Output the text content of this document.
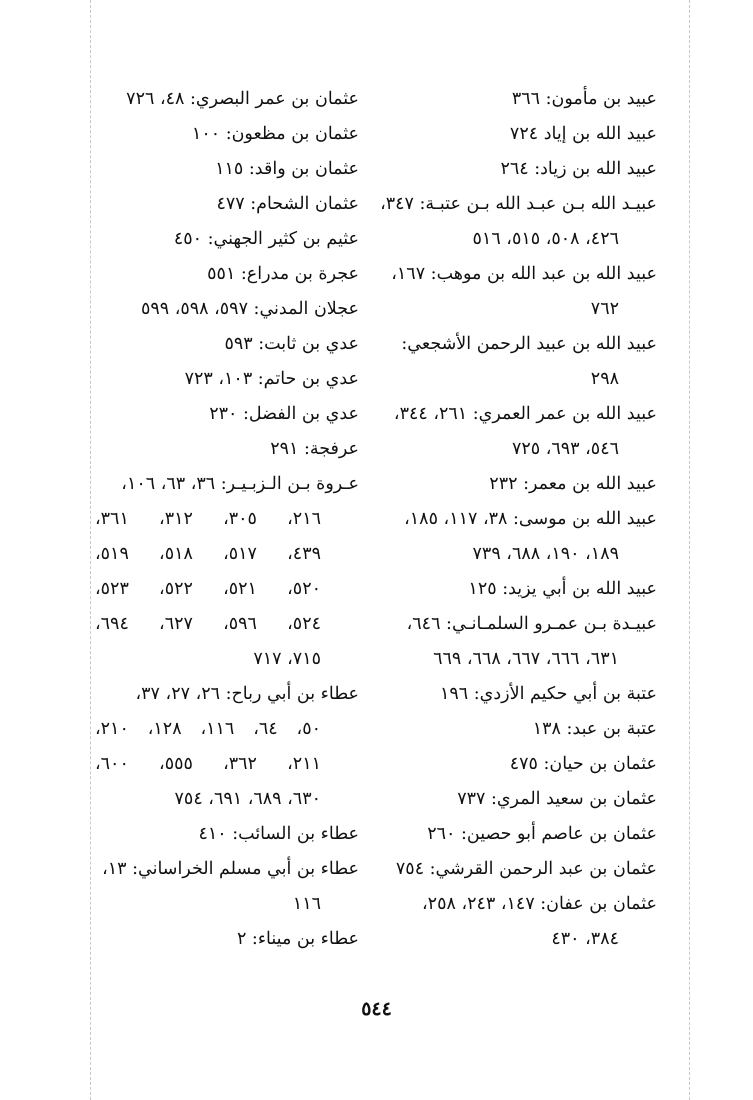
عبيد بن مأمون: ٣٦٦
عبيد الله بن إياد ٧٢٤
عبيد الله بن زياد: ٢٦٤
عبيـد الله بـن عبـد الله بـن عتبـة: ٣٤٧،
٤٢٦، ٥٠٨، ٥١٥، ٥١٦
عبيد الله بن عبد الله بن موهب: ١٦٧،
٧٦٢
عبيد الله بن عبيد الرحمن الأشجعي:
٢٩٨
عبيد الله بن عمر العمري: ٢٦١، ٣٤٤،
٥٤٦، ٦٩٣، ٧٢٥
عبيد الله بن معمر: ٢٣٢
عبيد الله بن موسى: ٣٨، ١١٧، ١٨٥،
١٨٩، ١٩٠، ٦٨٨، ٧٣٩
عبيد الله بن أبي يزيد: ١٢٥
عبيـدة بـن عمـرو السلمـانـي: ٦٤٦،
٦٣١، ٦٦٦، ٦٦٧، ٦٦٨، ٦٦٩
عتبة بن أبي حكيم الأزدي: ١٩٦
عتبة بن عبد: ١٣٨
عثمان بن حيان: ٤٧٥
عثمان بن سعيد المري: ٧٣٧
عثمان بن عاصم أبو حصين: ٢٦٠
عثمان بن عبد الرحمن القرشي: ٧٥٤
عثمان بن عفان: ١٤٧، ٢٤٣، ٢٥٨،
٣٨٤، ٤٣٠
عثمان بن عمر البصري: ٤٨، ٧٢٦
عثمان بن مظعون: ١٠٠
عثمان بن واقد: ١١٥
عثمان الشحام: ٤٧٧
عثيم بن كثير الجهني: ٤٥٠
عجرة بن مدراع: ٥٥١
عجلان المدني: ٥٩٧، ٥٩٨، ٥٩٩
عدي بن ثابت: ٥٩٣
عدي بن حاتم: ١٠٣، ٧٢٣
عدي بن الفضل: ٢٣٠
عرفجة: ٢٩١
عـروة بـن الـزبـيـر: ٣٦، ٦٣، ١٠٦،
٢١٦، ٣٠٥، ٣١٢، ٣٦١،
٤٣٩، ٥١٧، ٥١٨، ٥١٩،
٥٢٠، ٥٢١، ٥٢٢، ٥٢٣،
٥٢٤، ٥٩٦، ٦٢٧، ٦٩٤،
٧١٥، ٧١٧
عطاء بن أبي رباح: ٢٦، ٢٧، ٣٧،
٥٠، ٦٤، ١١٦، ١٢٨، ٢١٠،
٢١١، ٣٦٢، ٥٥٥، ٦٠٠،
٦٣٠، ٦٨٩، ٦٩١، ٧٥٤
عطاء بن السائب: ٤١٠
عطاء بن أبي مسلم الخراساني: ١٣،
١١٦
عطاء بن ميناء: ٢
٥٤٤
